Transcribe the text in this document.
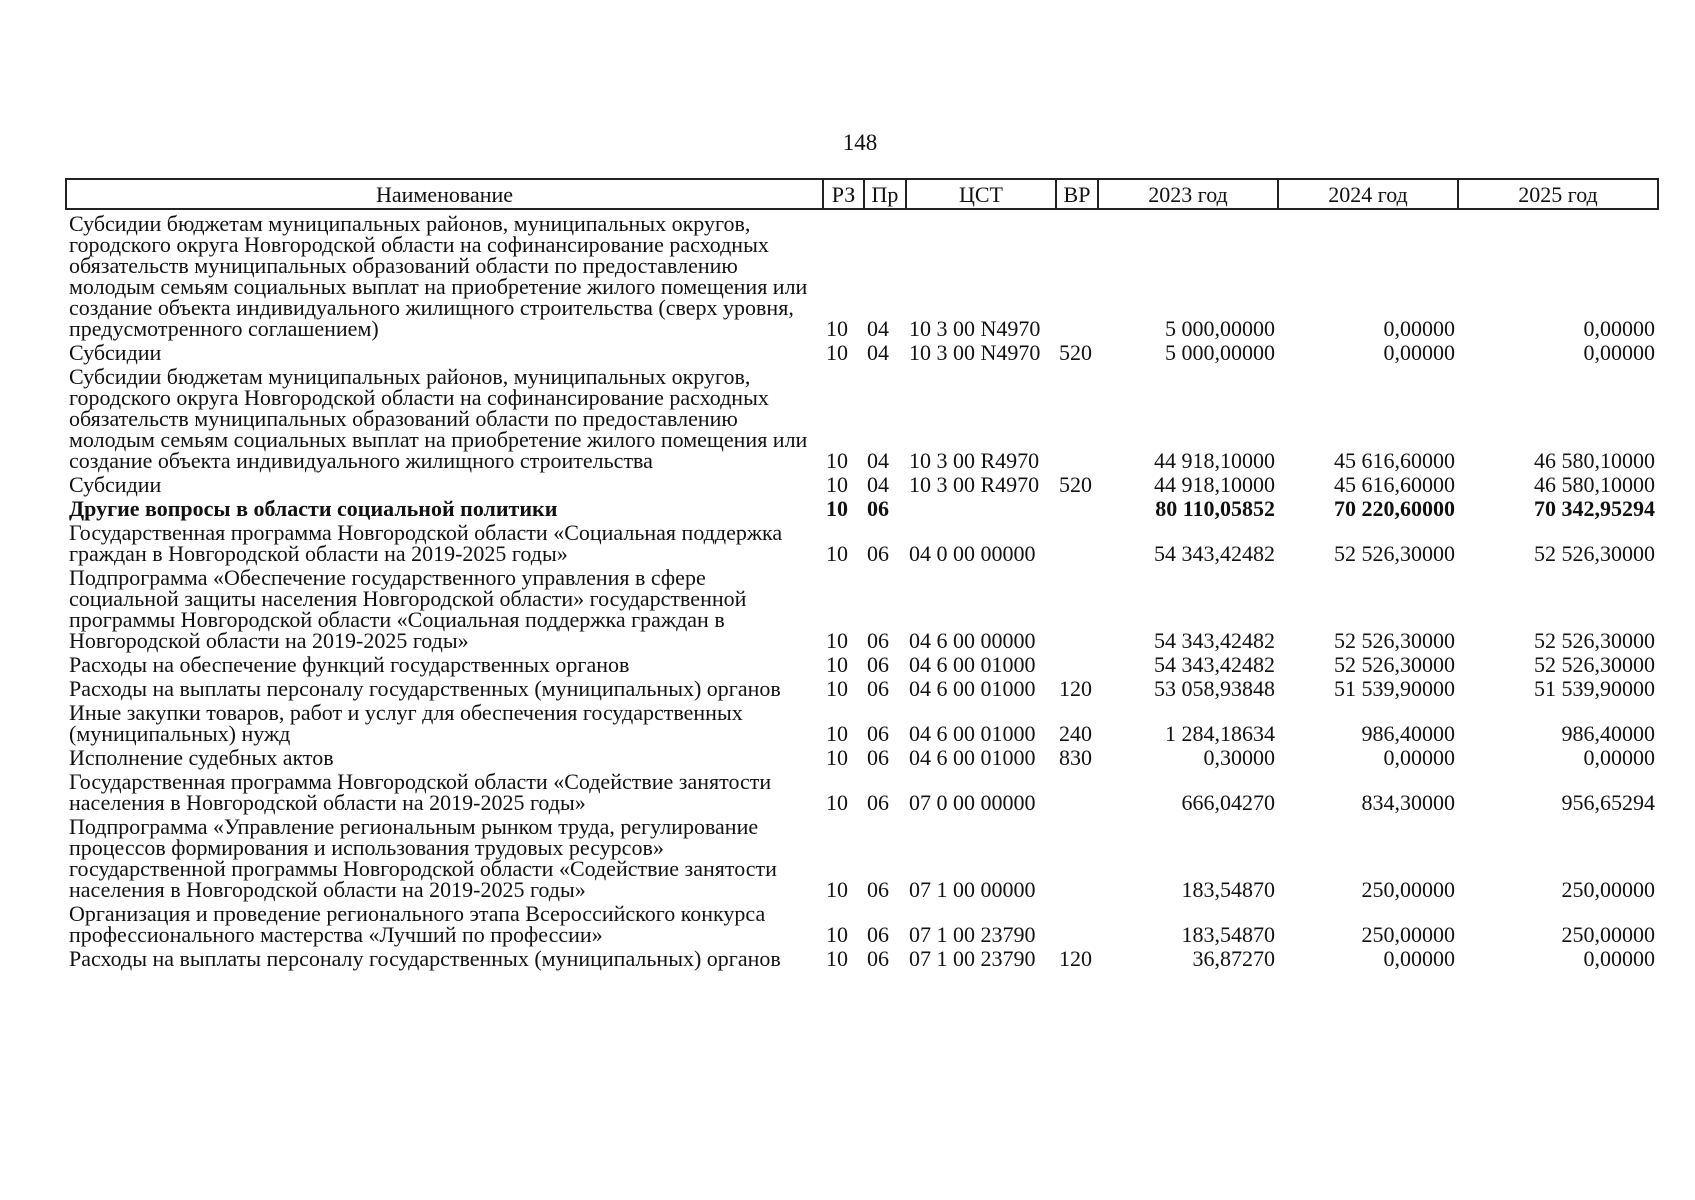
148
Наименование	РЗ	Пр	ЦСТ	ВР	2023 год	2024 год	2025 год
Субсидии бюджетам муниципальных районов, муниципальных округов, городского округа Новгородской области на софинансирование расходных обязательств муниципальных образований области по предоставлению молодым семьям социальных выплат на приобретение жилого помещения или создание объекта индивидуального жилищного строительства (сверх уровня, предусмотренного соглашением)	10	04	10 3 00 N4970		5 000,00000	0,00000	0,00000
Субсидии	10	04	10 3 00 N4970	520	5 000,00000	0,00000	0,00000
Субсидии бюджетам муниципальных районов, муниципальных округов, городского округа Новгородской области на софинансирование расходных обязательств муниципальных образований области по предоставлению молодым семьям социальных выплат на приобретение жилого помещения или создание объекта индивидуального жилищного строительства	10	04	10 3 00 R4970		44 918,10000	45 616,60000	46 580,10000
Субсидии	10	04	10 3 00 R4970	520	44 918,10000	45 616,60000	46 580,10000
Другие вопросы в области социальной политики	10	06			80 110,05852	70 220,60000	70 342,95294
Государственная программа Новгородской области «Социальная поддержка граждан в Новгородской области на 2019-2025 годы»	10	06	04 0 00 00000		54 343,42482	52 526,30000	52 526,30000
Подпрограмма «Обеспечение государственного управления в сфере социальной защиты населения Новгородской области» государственной программы Новгородской области «Социальная поддержка граждан в Новгородской области на 2019-2025 годы»	10	06	04 6 00 00000		54 343,42482	52 526,30000	52 526,30000
Расходы на обеспечение функций государственных органов	10	06	04 6 00 01000		54 343,42482	52 526,30000	52 526,30000
Расходы на выплаты персоналу государственных (муниципальных) органов	10	06	04 6 00 01000	120	53 058,93848	51 539,90000	51 539,90000
Иные закупки товаров, работ и услуг для обеспечения государственных (муниципальных) нужд	10	06	04 6 00 01000	240	1 284,18634	986,40000	986,40000
Исполнение судебных актов	10	06	04 6 00 01000	830	0,30000	0,00000	0,00000
Государственная программа Новгородской области «Содействие занятости населения в Новгородской области на 2019-2025 годы»	10	06	07 0 00 00000		666,04270	834,30000	956,65294
Подпрограмма «Управление региональным рынком труда, регулирование процессов формирования и использования трудовых ресурсов» государственной программы Новгородской области «Содействие занятости населения в Новгородской области на 2019-2025 годы»	10	06	07 1 00 00000		183,54870	250,00000	250,00000
Организация и проведение регионального этапа Всероссийского конкурса профессионального мастерства «Лучший по профессии»	10	06	07 1 00 23790		183,54870	250,00000	250,00000
Расходы на выплаты персоналу государственных (муниципальных) органов	10	06	07 1 00 23790	120	36,87270	0,00000	0,00000
